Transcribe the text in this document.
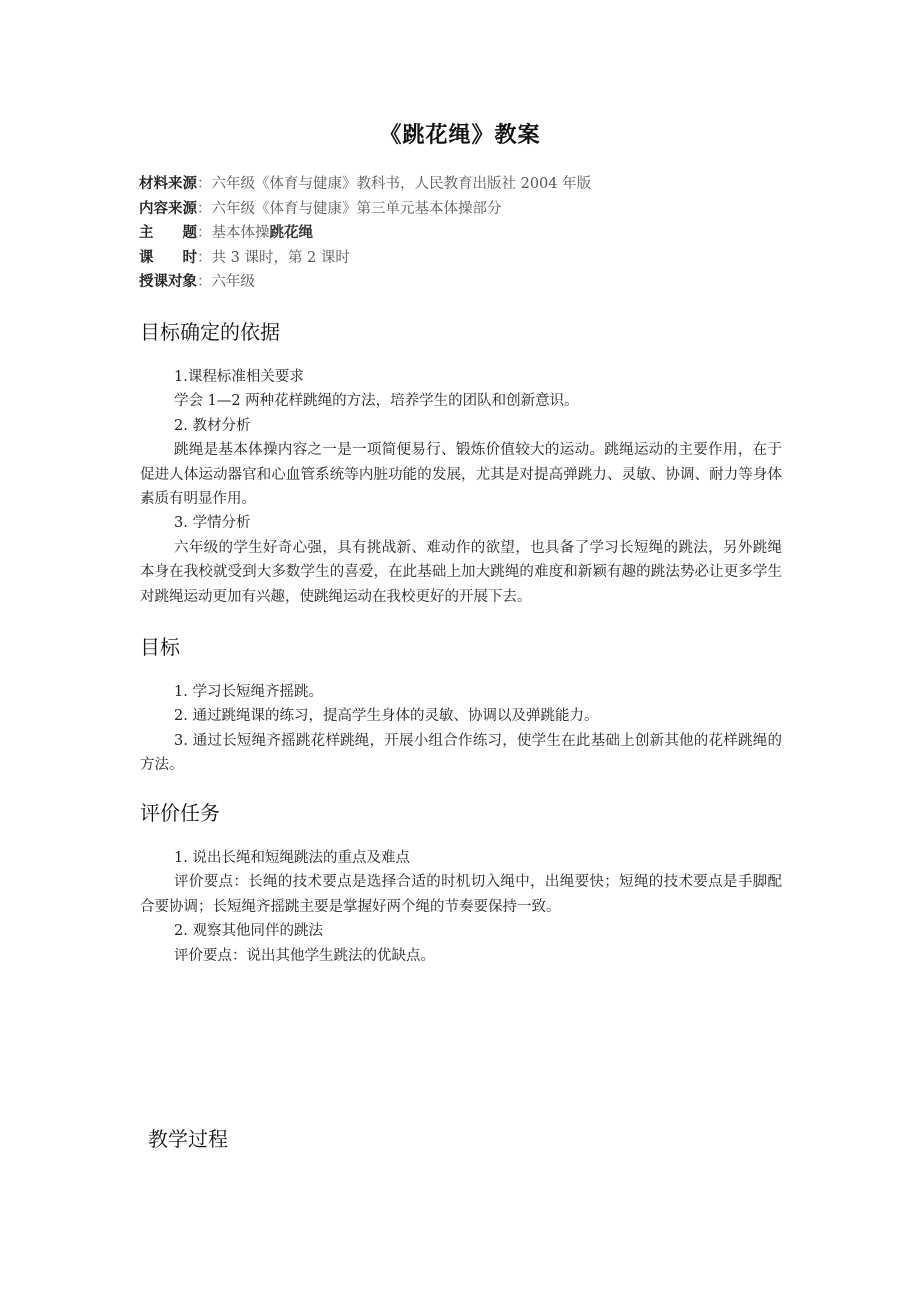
《跳花绳》教案
材料来源：六年级《体育与健康》教科书，人民教育出版社 2004 年版
内容来源：六年级《体育与健康》第三单元基本体操部分
主　　题：基本体操跳花绳
课　　时：共 3 课时，第 2 课时
授课对象：六年级
目标确定的依据

1.课程标准相关要求

学会 1—2 两种花样跳绳的方法，培养学生的团队和创新意识。

2. 教材分析

跳绳是基本体操内容之一是一项简便易行、锻炼价值较大的运动。跳绳运动的主要作用，在于促进人体运动器官和心血管系统等内脏功能的发展，尤其是对提高弹跳力、灵敏、协调、耐力等身体素质有明显作用。

3. 学情分析

六年级的学生好奇心强，具有挑战新、难动作的欲望，也具备了学习长短绳的跳法，另外跳绳本身在我校就受到大多数学生的喜爱，在此基础上加大跳绳的难度和新颖有趣的跳法势必让更多学生对跳绳运动更加有兴趣，使跳绳运动在我校更好的开展下去。

目标

1. 学习长短绳齐摇跳。

2. 通过跳绳课的练习，提高学生身体的灵敏、协调以及弹跳能力。

3. 通过长短绳齐摇跳花样跳绳，开展小组合作练习，使学生在此基础上创新其他的花样跳绳的方法。

评价任务

1. 说出长绳和短绳跳法的重点及难点

评价要点：长绳的技术要点是选择合适的时机切入绳中，出绳要快；短绳的技术要点是手脚配合要协调；长短绳齐摇跳主要是掌握好两个绳的节奏要保持一致。

2. 观察其他同伴的跳法

评价要点：说出其他学生跳法的优缺点。

教学过程
